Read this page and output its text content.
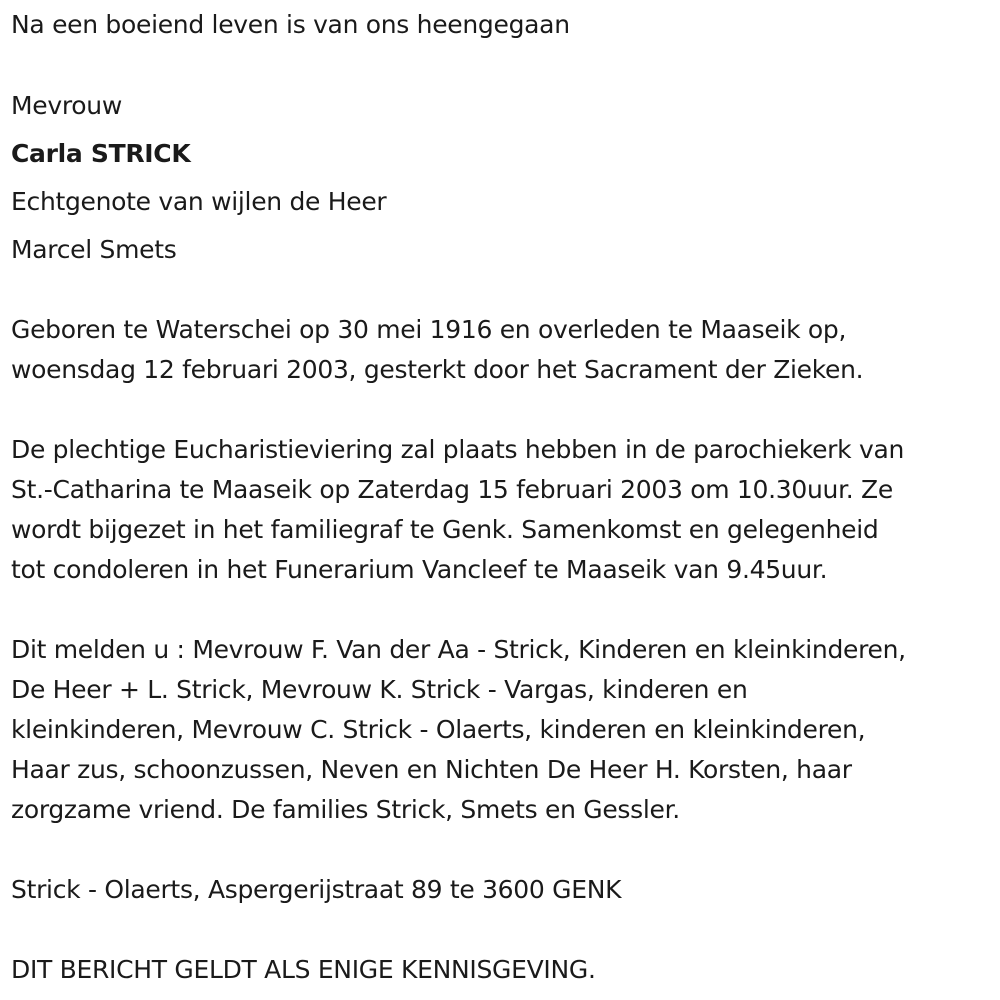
Na een boeiend leven is van ons heengegaan
Mevrouw
Carla STRICK
Echtgenote van wijlen de Heer
Marcel Smets
Geboren te Waterschei op 30 mei 1916 en overleden te Maaseik op,
woensdag 12 februari 2003, gesterkt door het Sacrament der Zieken.
De plechtige Eucharistieviering zal plaats hebben in de parochiekerk van
St.-Catharina te Maaseik op Zaterdag 15 februari 2003 om 10.30uur. Ze
wordt bijgezet in het familiegraf te Genk. Samenkomst en gelegenheid
tot condoleren in het Funerarium Vancleef te Maaseik van 9.45uur.
Dit melden u : Mevrouw F. Van der Aa - Strick, Kinderen en kleinkinderen,
De Heer + L. Strick, Mevrouw K. Strick - Vargas, kinderen en
kleinkinderen, Mevrouw C. Strick - Olaerts, kinderen en kleinkinderen,
Haar zus, schoonzussen, Neven en Nichten De Heer H. Korsten, haar
zorgzame vriend. De families Strick, Smets en Gessler.
Strick - Olaerts, Aspergerijstraat 89 te 3600 GENK
DIT BERICHT GELDT ALS ENIGE KENNISGEVING.
